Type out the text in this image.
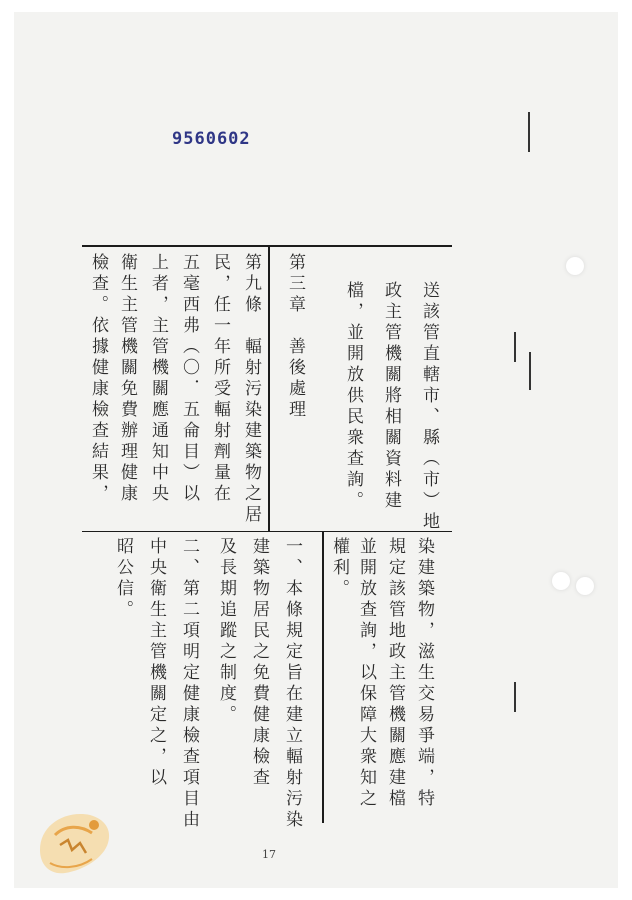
9560602
送該管直轄市、縣（市）地
政主管機關將相關資料建
檔，並開放供民衆查詢。
第三章　善後處理
第九條　輻射污染建築物之居
民，任一年所受輻射劑量在
五毫西弗（〇．五侖目）以
上者，主管機關應通知中央
衛生主管機關免費辦理健康
檢查。依據健康檢查結果，
染建築物，滋生交易爭端，特
規定該管地政主管機關應建檔
並開放查詢，以保障大衆知之
權利。
一、本條規定旨在建立輻射污染
建築物居民之免費健康檢查
及長期追蹤之制度。
二、第二項明定健康檢查項目由
中央衛生主管機關定之，以
昭公信。
17
